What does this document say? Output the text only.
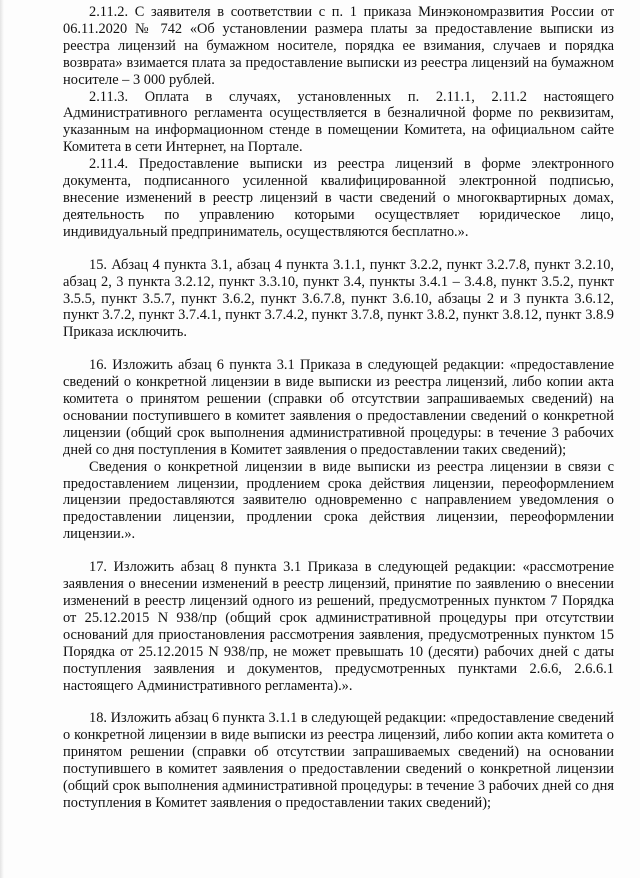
2.11.2. С заявителя в соответствии с п. 1 приказа Минэкономразвития России от 06.11.2020 № 742 «Об установлении размера платы за предоставление выписки из реестра лицензий на бумажном носителе, порядка ее взимания, случаев и порядка возврата» взимается плата за предоставление выписки из реестра лицензий на бумажном носителе – 3 000 рублей.

2.11.3. Оплата в случаях, установленных п. 2.11.1, 2.11.2 настоящего Административного регламента осуществляется в безналичной форме по реквизитам, указанным на информационном стенде в помещении Комитета, на официальном сайте Комитета в сети Интернет, на Портале.

2.11.4. Предоставление выписки из реестра лицензий в форме электронного документа, подписанного усиленной квалифицированной электронной подписью, внесение изменений в реестр лицензий в части сведений о многоквартирных домах, деятельность по управлению которыми осуществляет юридическое лицо, индивидуальный предприниматель, осуществляются бесплатно.».

15. Абзац 4 пункта 3.1, абзац 4 пункта 3.1.1, пункт 3.2.2, пункт 3.2.7.8, пункт 3.2.10, абзац 2, 3 пункта 3.2.12, пункт 3.3.10, пункт 3.4, пункты 3.4.1 – 3.4.8, пункт 3.5.2, пункт 3.5.5, пункт 3.5.7, пункт 3.6.2, пункт 3.6.7.8, пункт 3.6.10, абзацы 2 и 3 пункта 3.6.12, пункт 3.7.2, пункт 3.7.4.1, пункт 3.7.4.2, пункт 3.7.8, пункт 3.8.2, пункт 3.8.12, пункт 3.8.9 Приказа исключить.

16. Изложить абзац 6 пункта 3.1 Приказа в следующей редакции: «предоставление сведений о конкретной лицензии в виде выписки из реестра лицензий, либо копии акта комитета о принятом решении (справки об отсутствии запрашиваемых сведений) на основании поступившего в комитет заявления о предоставлении сведений о конкретной лицензии (общий срок выполнения административной процедуры: в течение 3 рабочих дней со дня поступления в Комитет заявления о предоставлении таких сведений);

Сведения о конкретной лицензии в виде выписки из реестра лицензии в связи с предоставлением лицензии, продлением срока действия лицензии, переоформлением лицензии предоставляются заявителю одновременно с направлением уведомления о предоставлении лицензии, продлении срока действия лицензии, переоформлении лицензии.».

17. Изложить абзац 8 пункта 3.1 Приказа в следующей редакции: «рассмотрение заявления о внесении изменений в реестр лицензий, принятие по заявлению о внесении изменений в реестр лицензий одного из решений, предусмотренных пунктом 7 Порядка от 25.12.2015 N 938/пр (общий срок административной процедуры при отсутствии оснований для приостановления рассмотрения заявления, предусмотренных пунктом 15 Порядка от 25.12.2015 N 938/пр, не может превышать 10 (десяти) рабочих дней с даты поступления заявления и документов, предусмотренных пунктами 2.6.6, 2.6.6.1 настоящего Административного регламента).».

18. Изложить абзац 6 пункта 3.1.1 в следующей редакции: «предоставление сведений о конкретной лицензии в виде выписки из реестра лицензий, либо копии акта комитета о принятом решении (справки об отсутствии запрашиваемых сведений) на основании поступившего в комитет заявления о предоставлении сведений о конкретной лицензии (общий срок выполнения административной процедуры: в течение 3 рабочих дней со дня поступления в Комитет заявления о предоставлении таких сведений);
